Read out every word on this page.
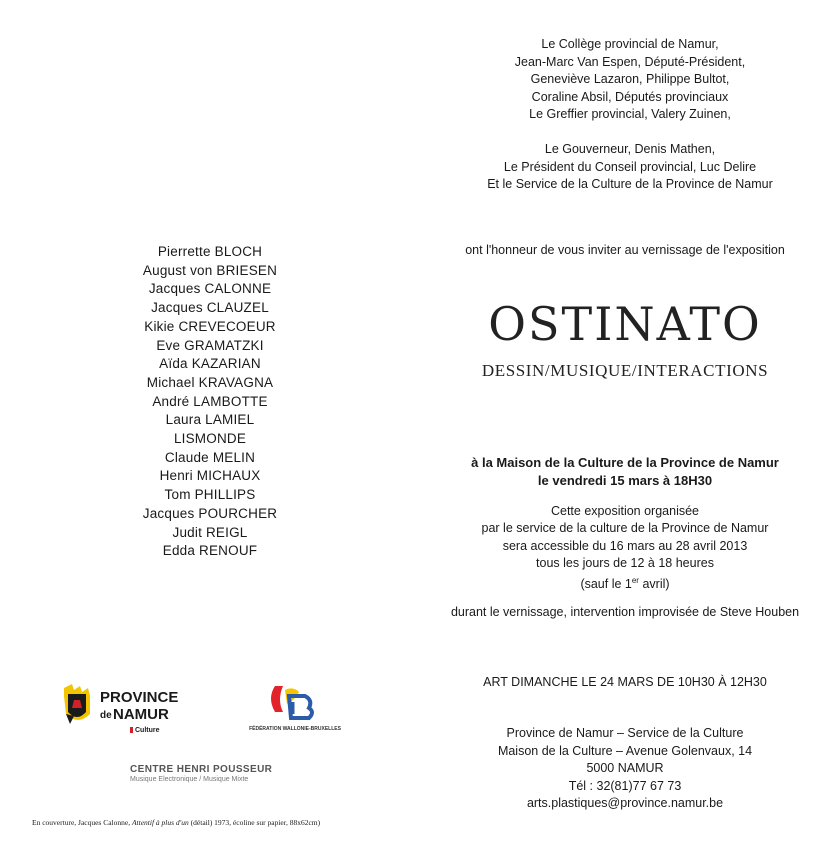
Le Collège provincial de Namur,
Jean-Marc Van Espen, Député-Président,
Geneviève Lazaron, Philippe Bultot,
Coraline Absil, Députés provinciaux
Le Greffier provincial, Valery Zuinen,
Le Gouverneur, Denis Mathen,
Le Président du Conseil provincial, Luc Delire
Et le Service de la Culture de la Province de Namur
Pierrette BLOCH
August von BRIESEN
Jacques CALONNE
Jacques CLAUZEL
Kikie CREVECOEUR
Eve GRAMATZKI
Aïda KAZARIAN
Michael KRAVAGNA
André LAMBOTTE
Laura LAMIEL
LISMONDE
Claude MELIN
Henri MICHAUX
Tom PHILLIPS
Jacques POURCHER
Judit REIGL
Edda RENOUF
ont l'honneur de vous inviter au vernissage de l'exposition
OSTINATO
DESSIN/MUSIQUE/INTERACTIONS
à la Maison de la Culture de la Province de Namur
le vendredi 15 mars à 18H30
Cette exposition organisée
par le service de la culture de la Province de Namur
sera accessible du 16 mars au 28 avril 2013
tous les jours de 12 à 18 heures
(sauf le 1er avril)
durant le vernissage, intervention improvisée de Steve Houben
ART DIMANCHE LE 24 MARS DE 10H30 À 12H30
Province de Namur – Service de la Culture
Maison de la Culture – Avenue Golenvaux, 14
5000 NAMUR
Tél : 32(81)77 67 73
arts.plastiques@province.namur.be
PROVINCE
de NAMUR
Culture	FÉDÉRATION WALLONIE-BRUXELLES
CENTRE HENRI POUSSEUR
Musique Electronique / Musique Mixte
En couverture, Jacques Calonne, Attentif à plus d'un (détail) 1973, écoline sur papier, 88x62cm)
